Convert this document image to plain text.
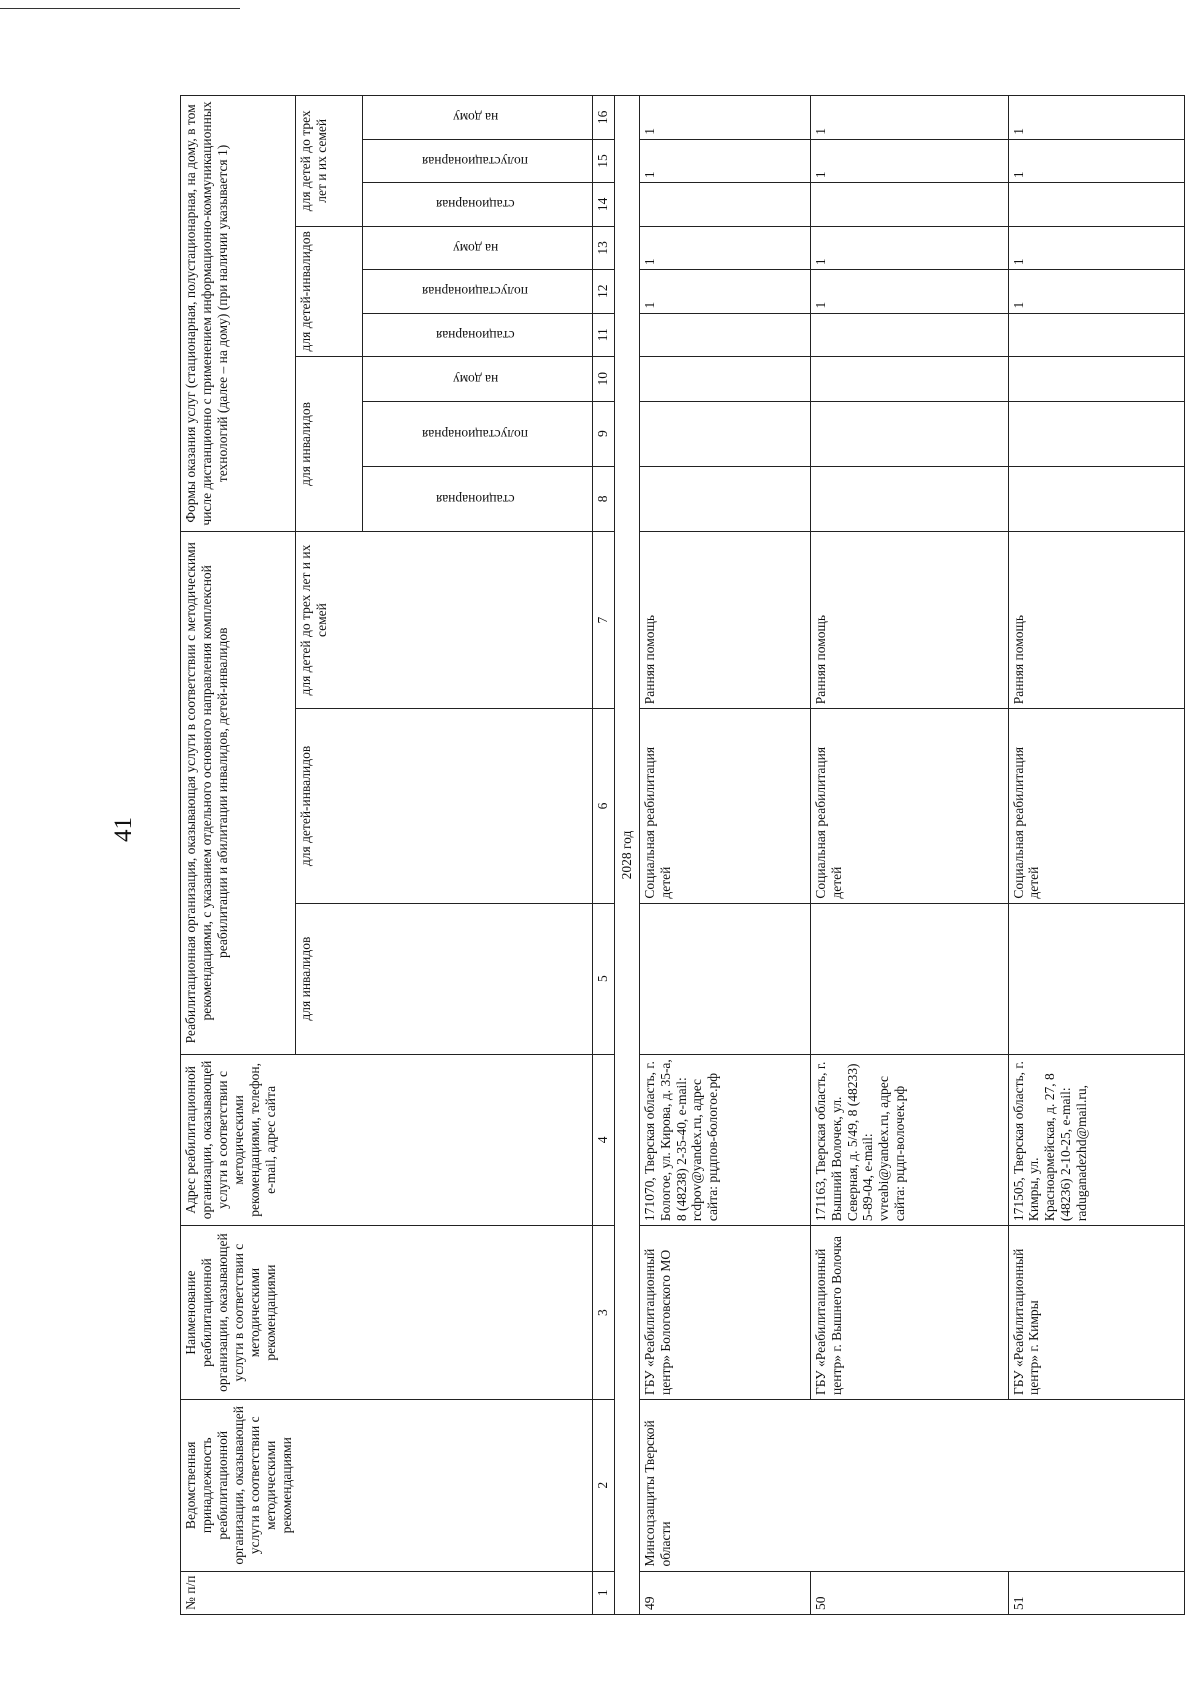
41
№ п/п	Ведомственная принадлежность реабилитационной организации, оказывающей услуги в соответствии с методическими рекомендациями	Наименование реабилитационной организации, оказывающей услуги в соответствии с методическими рекомендациями	Адрес реабилитационной организации, оказывающей услуги в соответствии с методическими рекомендациями, телефон, e-mail, адрес сайта	Реабилитационная организация, оказывающая услуги в соответствии с методическими рекомендациями, с указанием отдельного основного направления комплексной реабилитации и абилитации инвалидов, детей-инвалидов			Формы оказания услуг (стационарная, полустационарная, на дому, в том числе дистанционно с применением информационно-коммуникационных технологий (далее – на дому) (при наличии указывается 1)								
				для инвалидов	для детей-инвалидов	для детей до трех лет и их семей	для инвалидов			для детей-инвалидов			для детей до трех лет и их семей		
							стационарная	полустационарная	на дому	стационарная	полустационарная	на дому	стационарная	полустационарная	на дому
1	2	3	4	5	6	7	8	9	10	11	12	13	14	15	16
2028 год															
49	Минсоцзащиты Тверской области	ГБУ «Реабилитационный центр» Бологовского МО	171070, Тверская область, г. Бологое, ул. Кирова, д. 35-а, 8 (48238) 2-35-40, e-mail: rcdpov@yandex.ru, адрес сайта: рцдпов-бологое.рф		Социальная реабилитация детей	Ранняя помощь					1	1		1	1
50		ГБУ «Реабилитационный центр» г. Вышнего Волочка	171163, Тверская область, г. Вышний Волочек, ул. Северная, д. 5/49, 8 (48233) 5-89-04, e-mail: vvreabi@yandex.ru, адрес сайта: рцдп-волочек.рф		Социальная реабилитация детей	Ранняя помощь					1	1		1	1
51		ГБУ «Реабилитационный центр» г. Кимры	171505, Тверская область, г. Кимры, ул. Красноармейская, д. 27, 8 (48236) 2-10-25, e-mail: raduganadezhd@mail.ru,		Социальная реабилитация детей	Ранняя помощь					1	1		1	1
